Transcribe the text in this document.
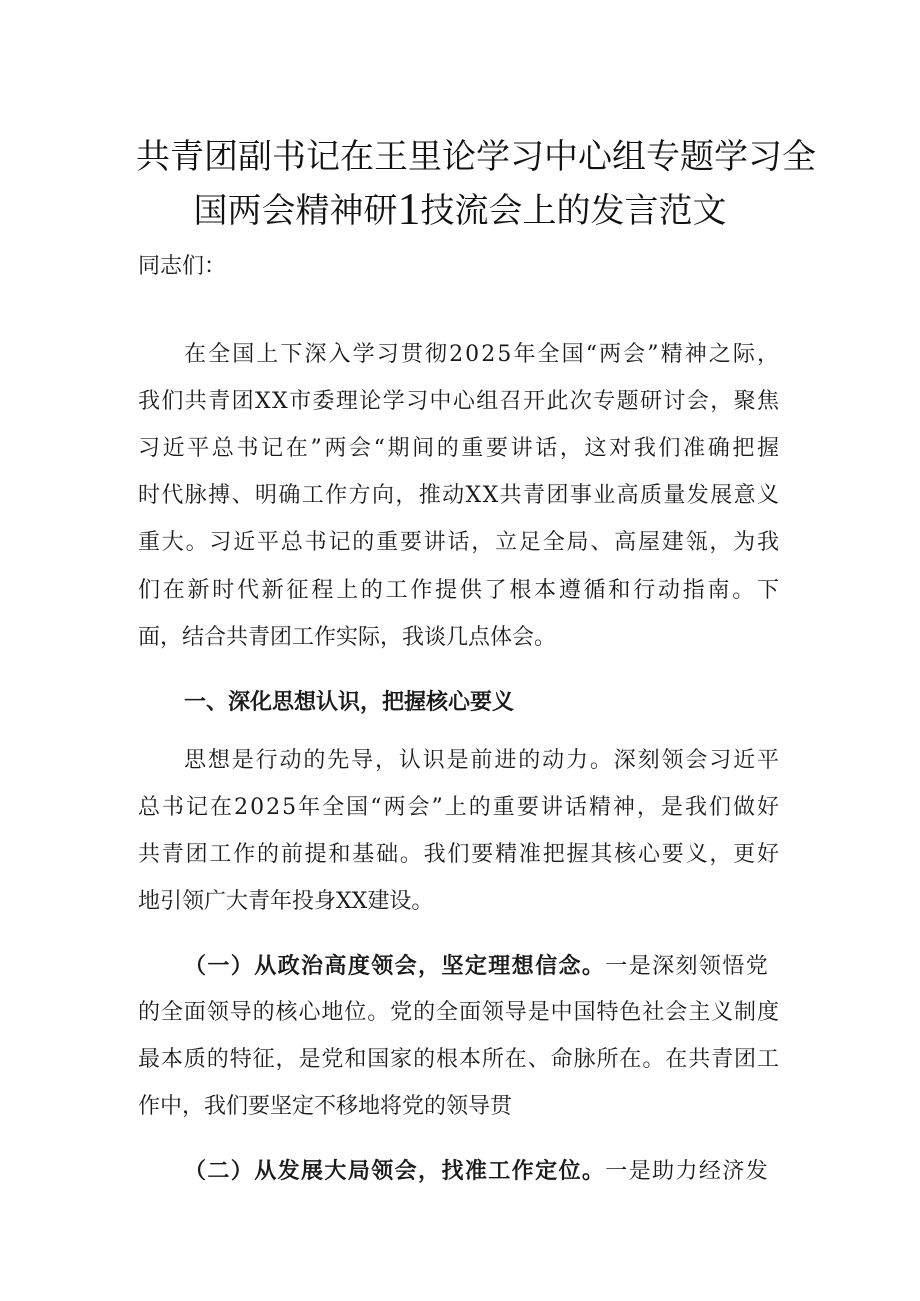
共青团副书记在王里论学习中心组专题学习全
国两会精神研1技流会上的发言范文
同志们：
在全国上下深入学习贯彻2025年全国“两会”精神之际，
我们共青团XX市委理论学习中心组召开此次专题研讨会，聚焦
习近平总书记在”两会“期间的重要讲话，这对我们准确把握
时代脉搏、明确工作方向，推动XX共青团事业高质量发展意义
重大。习近平总书记的重要讲话，立足全局、高屋建瓴，为我
们在新时代新征程上的工作提供了根本遵循和行动指南。下
面，结合共青团工作实际，我谈几点体会。
一、深化思想认识，把握核心要义
思想是行动的先导，认识是前进的动力。深刻领会习近平
总书记在2025年全国“两会”上的重要讲话精神，是我们做好
共青团工作的前提和基础。我们要精准把握其核心要义，更好
地引领广大青年投身XX建设。
（一）从政治高度领会，坚定理想信念。一是深刻领悟党
的全面领导的核心地位。党的全面领导是中国特色社会主义制度
最本质的特征，是党和国家的根本所在、命脉所在。在共青团工
作中，我们要坚定不移地将党的领导贯
（二）从发展大局领会，找准工作定位。一是助力经济发
